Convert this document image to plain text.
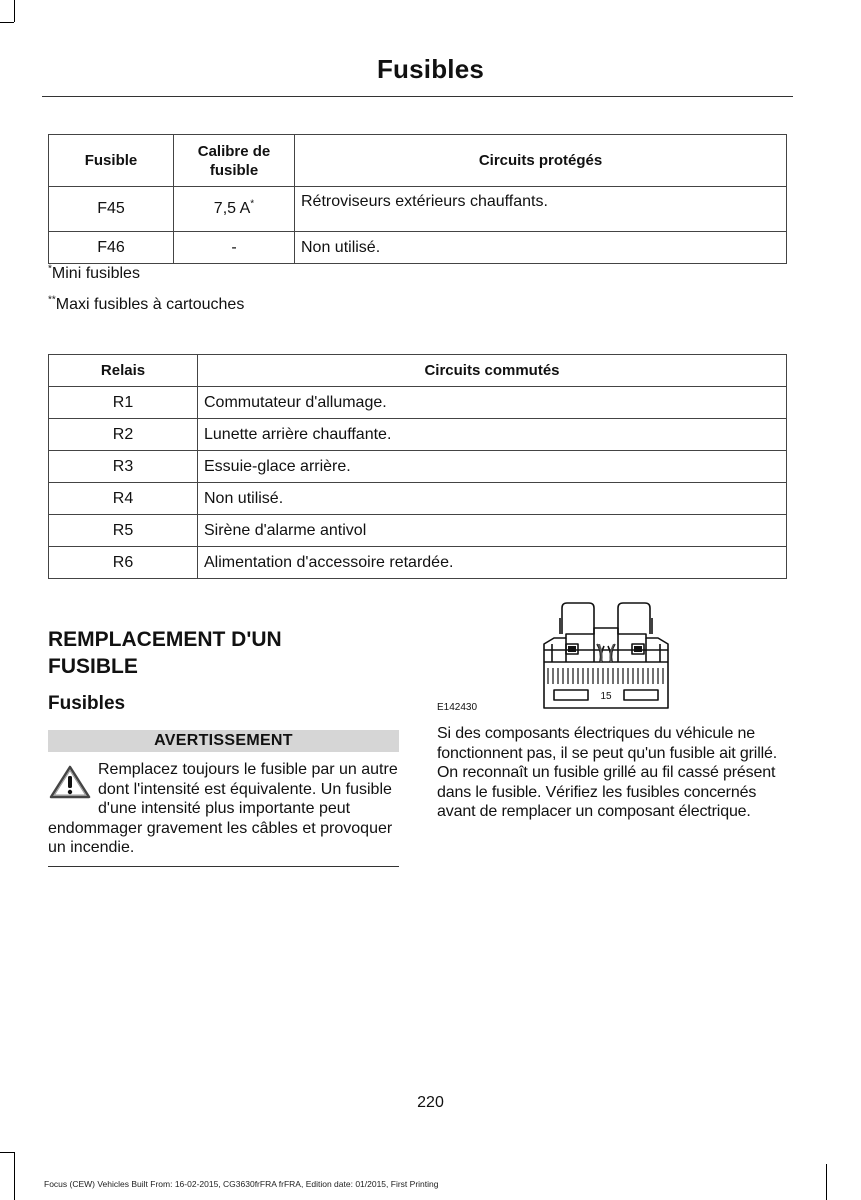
Fusibles
Fusible	Calibre de fusible	Circuits protégés
F45	7,5 A*	Rétroviseurs extérieurs chauffants.
F46	-	Non utilisé.
*Mini fusibles
**Maxi fusibles à cartouches
Relais	Circuits commutés
R1	Commutateur d'allumage.
R2	Lunette arrière chauffante.
R3	Essuie-glace arrière.
R4	Non utilisé.
R5	Sirène d'alarme antivol
R6	Alimentation d'accessoire retardée.
REMPLACEMENT D'UN
FUSIBLE
Fusibles
AVERTISSEMENT
Remplacez toujours le fusible par un autre dont l'intensité est équivalente. Un fusible d'une intensité plus importante peut endommager gravement les câbles et provoquer un incendie.
15
E142430
Si des composants électriques du véhicule ne fonctionnent pas, il se peut qu'un fusible ait grillé. On reconnaît un fusible grillé au fil cassé présent dans le fusible. Vérifiez les fusibles concernés avant de remplacer un composant électrique.
220
Focus (CEW) Vehicles Built From: 16-02-2015, CG3630frFRA frFRA, Edition date: 01/2015, First Printing
